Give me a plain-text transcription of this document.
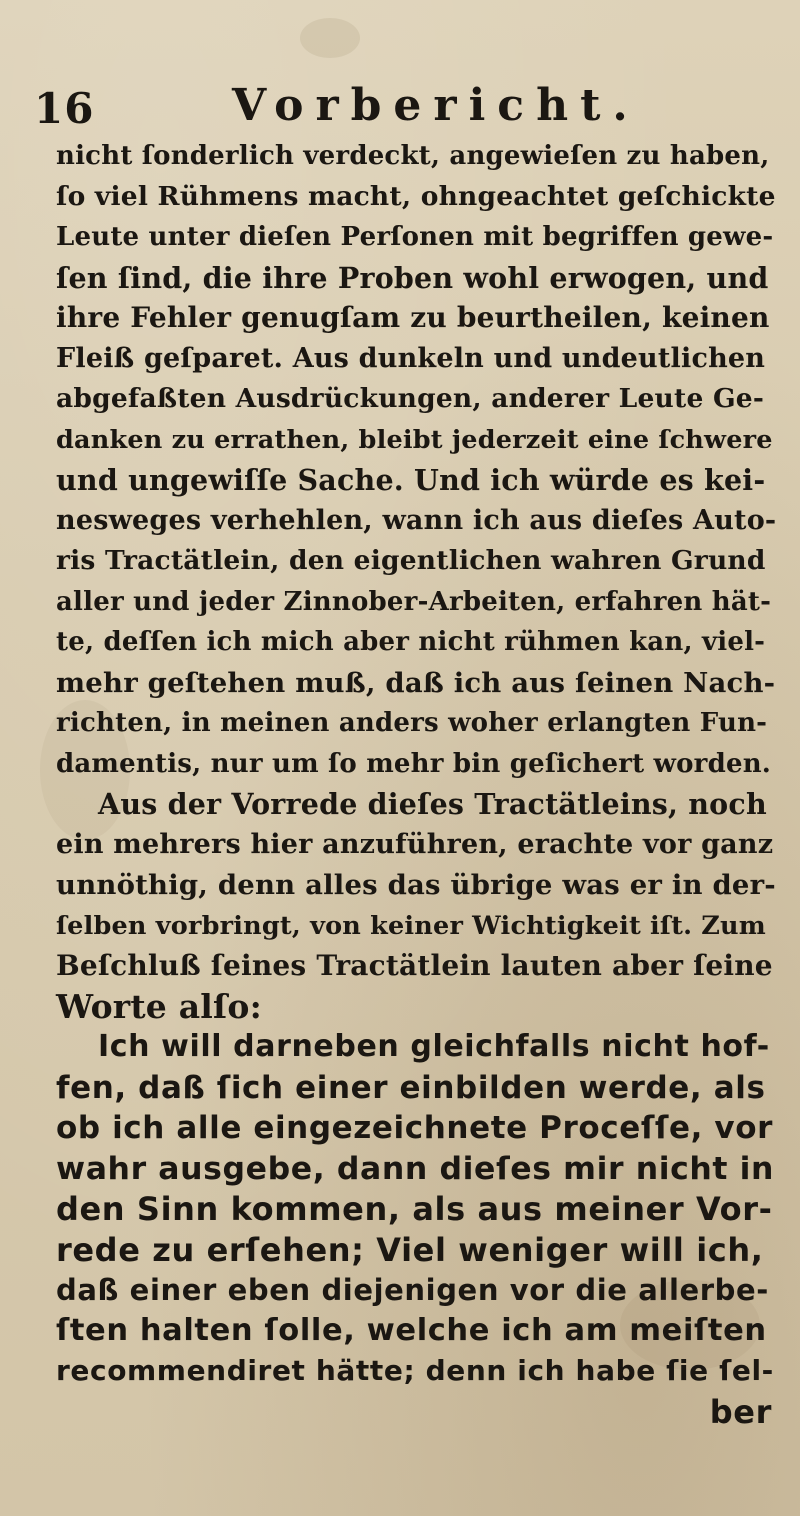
16	Vorbericht.
nicht ſonderlich verdeckt, angewieſen zu haben,
ſo viel Rühmens macht, ohngeachtet geſchickte
Leute unter dieſen Perſonen mit begriffen gewe-
ſen ſind, die ihre Proben wohl erwogen, und
ihre Fehler genugſam zu beurtheilen, keinen
Fleiß geſparet. Aus dunkeln und undeutlichen
abgefaßten Ausdrückungen, anderer Leute Ge-
danken zu errathen, bleibt jederzeit eine ſchwere
und ungewiſſe Sache. Und ich würde es kei-
nesweges verhehlen, wann ich aus dieſes Auto-
ris Tractätlein, den eigentlichen wahren Grund
aller und jeder Zinnober-Arbeiten, erfahren hät-
te, deſſen ich mich aber nicht rühmen kan, viel-
mehr geſtehen muß, daß ich aus ſeinen Nach-
richten, in meinen anders woher erlangten Fun-
damentis, nur um ſo mehr bin geſichert worden.
Aus der Vorrede dieſes Tractätleins, noch
ein mehrers hier anzuführen, erachte vor ganz
unnöthig, denn alles das übrige was er in der-
ſelben vorbringt, von keiner Wichtigkeit iſt. Zum
Beſchluß ſeines Tractätlein lauten aber ſeine
Worte alſo:
Ich will darneben gleichfalls nicht hof-
fen, daß ſich einer einbilden werde, als
ob ich alle eingezeichnete Proceſſe, vor
wahr ausgebe, dann dieſes mir nicht in
den Sinn kommen, als aus meiner Vor-
rede zu erſehen; Viel weniger will ich,
daß einer eben diejenigen vor die allerbe-
ſten halten ſolle, welche ich am meiſten
recommendiret hätte; denn ich habe ſie ſel-
ber
